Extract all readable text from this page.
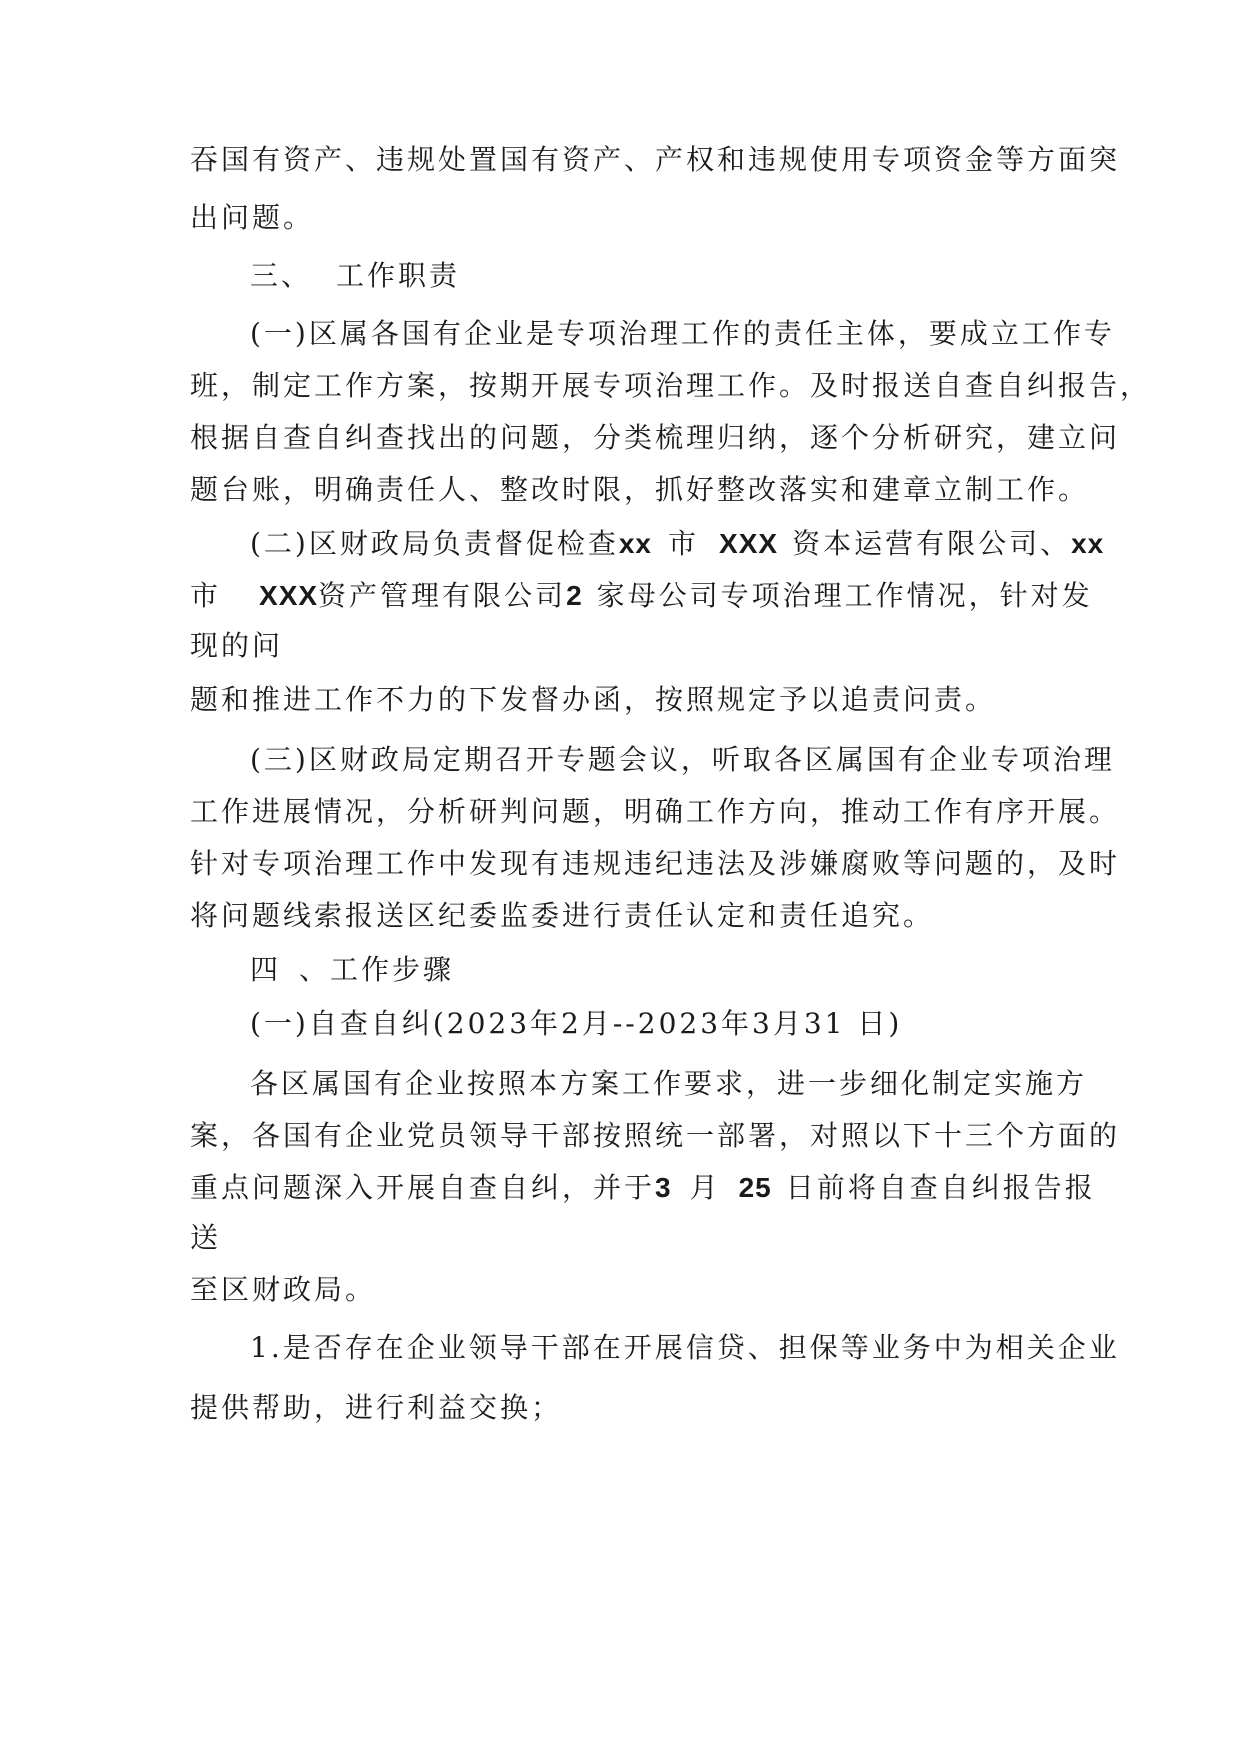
吞国有资产、违规处置国有资产、产权和违规使用专项资金等方面突
出问题。
三、 工作职责
(一)区属各国有企业是专项治理工作的责任主体，要成立工作专
班，制定工作方案，按期开展专项治理工作。及时报送自查自纠报告，
根据自查自纠查找出的问题，分类梳理归纳，逐个分析研究，建立问
题台账，明确责任人、整改时限，抓好整改落实和建章立制工作。
(二)区财政局负责督促检查xx 市 XXX 资本运营有限公司、xx
市 XXX资产管理有限公司2 家母公司专项治理工作情况，针对发
现的问
题和推进工作不力的下发督办函，按照规定予以追责问责。
(三)区财政局定期召开专题会议，听取各区属国有企业专项治理
工作进展情况，分析研判问题，明确工作方向，推动工作有序开展。
针对专项治理工作中发现有违规违纪违法及涉嫌腐败等问题的，及时
将问题线索报送区纪委监委进行责任认定和责任追究。
四 、工作步骤
(一)自查自纠(2023年2月--2023年3月31 日)
各区属国有企业按照本方案工作要求，进一步细化制定实施方
案，各国有企业党员领导干部按照统一部署，对照以下十三个方面的
重点问题深入开展自查自纠，并于3 月 25 日前将自查自纠报告报
送
至区财政局。
1.是否存在企业领导干部在开展信贷、担保等业务中为相关企业
提供帮助，进行利益交换；
